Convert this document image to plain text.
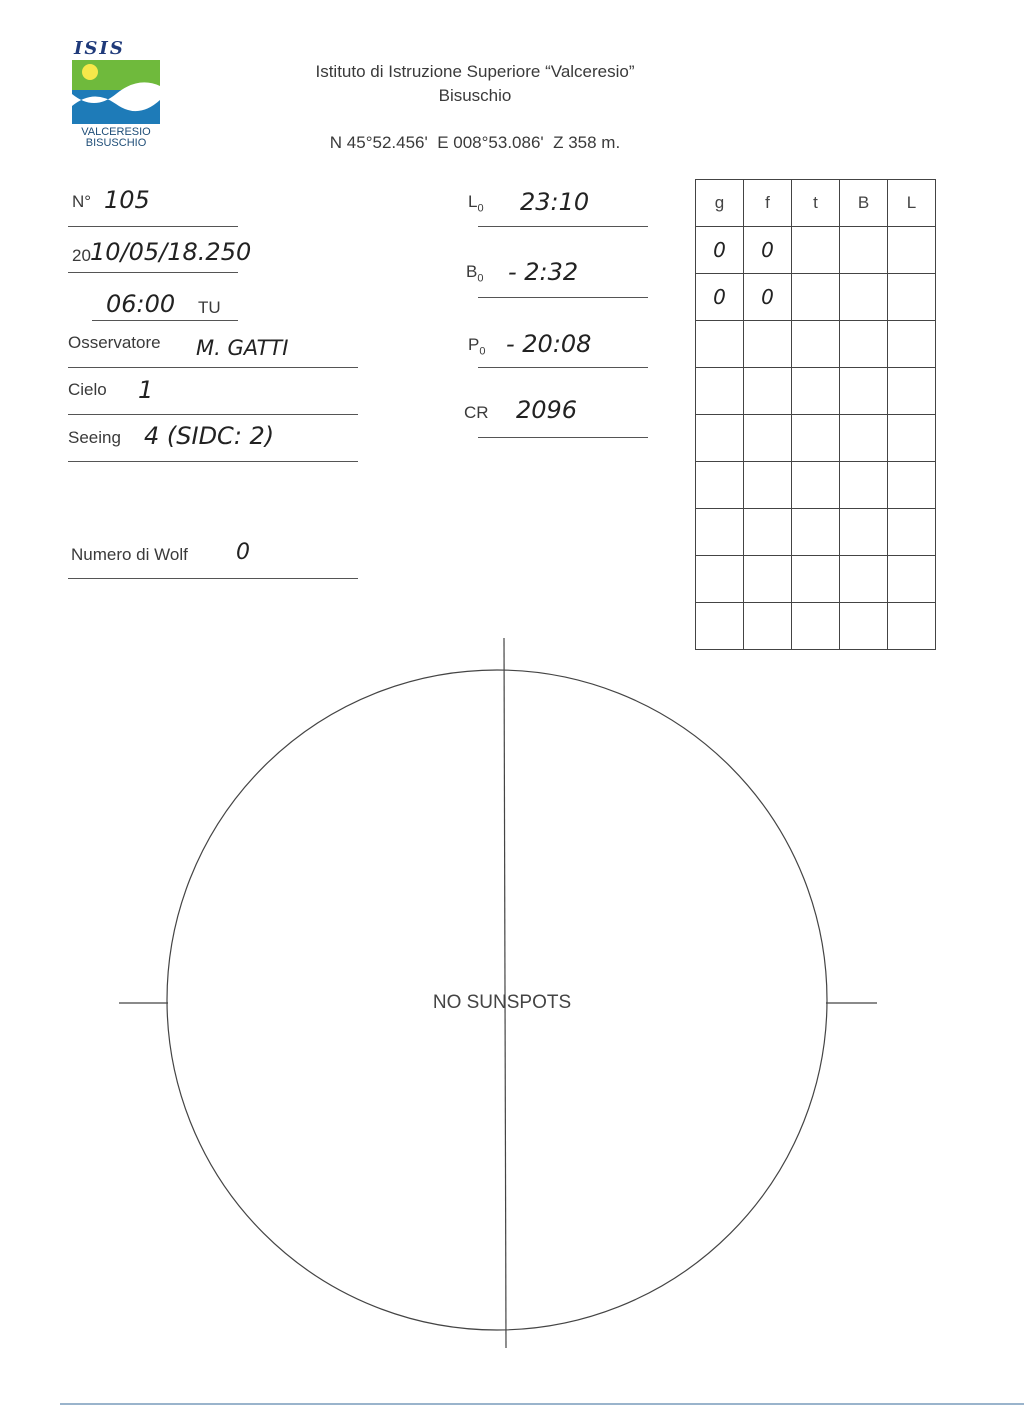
ISIS
VALCERESIO
BISUSCHIO
Istituto di Istruzione Superiore “Valceresio”
Bisuschio
N 45°52.456'  E 008°53.086'  Z 358 m.
N° 105
20 10/05/18.250
06:00 TU
Osservatore M. GATTI
Cielo 1
Seeing 4 (SIDC: 2)
Numero di Wolf 0
$L_0$ 23:10
$B_0$ - 2:32
$P_0$ - 20:08
CR 2096
g	f	t	B	L
0	0			
0	0			

NO SUNSPOTS
